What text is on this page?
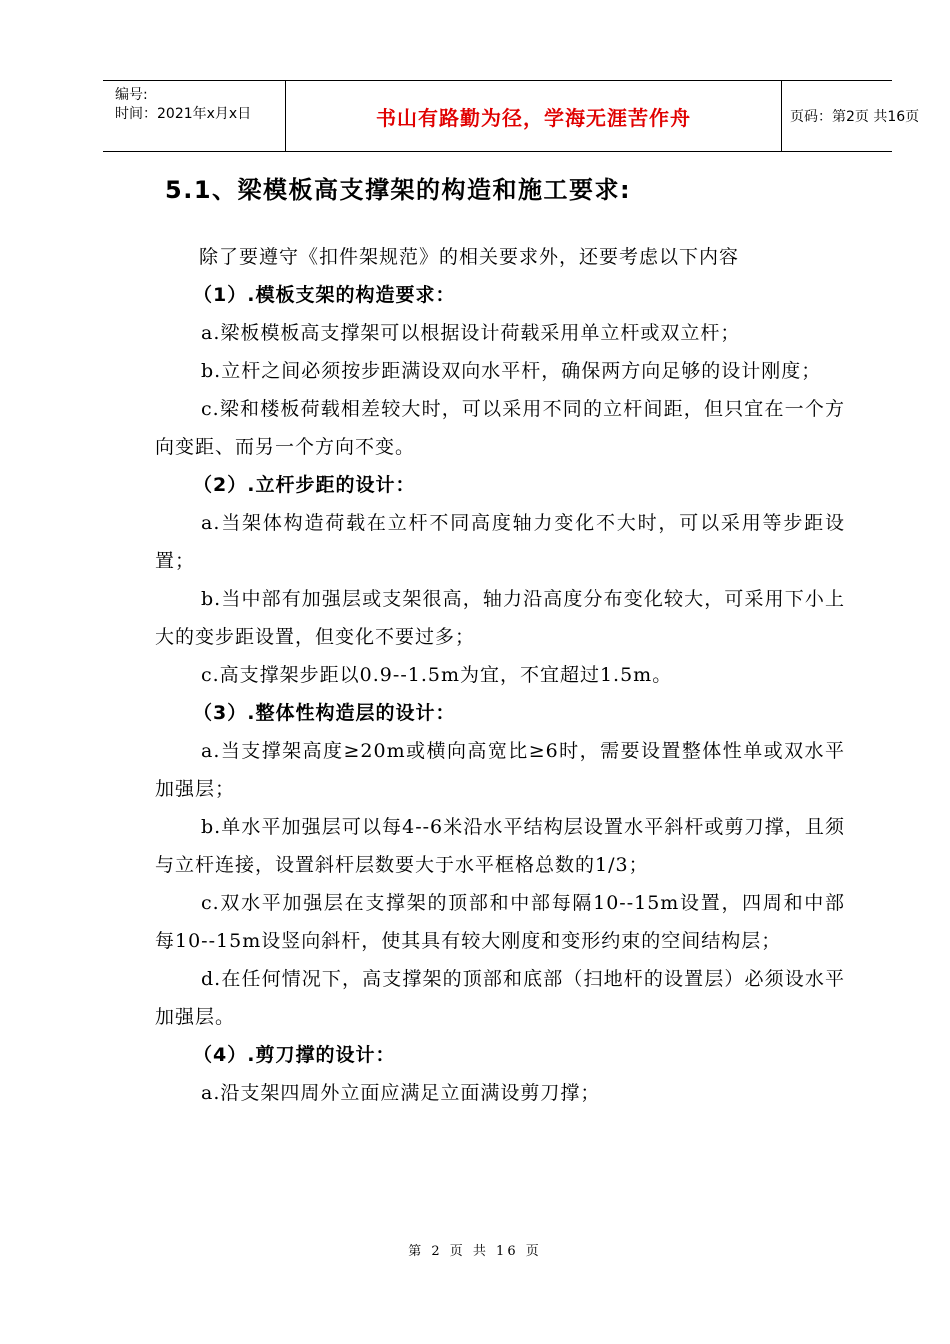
编号:
时间：2021年x月x日	书山有路勤为径，学海无涯苦作舟	页码：第2页 共16页
5.1、梁模板高支撑架的构造和施工要求:

除了要遵守《扣件架规范》的相关要求外，还要考虑以下内容

（1）.模板支架的构造要求：

a.梁板模板高支撑架可以根据设计荷载采用单立杆或双立杆；

b.立杆之间必须按步距满设双向水平杆，确保两方向足够的设计刚度；

c.梁和楼板荷载相差较大时，可以采用不同的立杆间距，但只宜在一个方向变距、而另一个方向不变。

（2）.立杆步距的设计：

a.当架体构造荷载在立杆不同高度轴力变化不大时，可以采用等步距设置；

b.当中部有加强层或支架很高，轴力沿高度分布变化较大，可采用下小上大的变步距设置，但变化不要过多；

c.高支撑架步距以0.9--1.5m为宜，不宜超过1.5m。

（3）.整体性构造层的设计：

a.当支撑架高度≥20m或横向高宽比≥6时，需要设置整体性单或双水平加强层；

b.单水平加强层可以每4--6米沿水平结构层设置水平斜杆或剪刀撑，且须与立杆连接，设置斜杆层数要大于水平框格总数的1/3；

c.双水平加强层在支撑架的顶部和中部每隔10--15m设置，四周和中部每10--15m设竖向斜杆，使其具有较大刚度和变形约束的空间结构层；

d.在任何情况下，高支撑架的顶部和底部（扫地杆的设置层）必须设水平加强层。

（4）.剪刀撑的设计：

a.沿支架四周外立面应满足立面满设剪刀撑；

第 2 页 共 16 页
